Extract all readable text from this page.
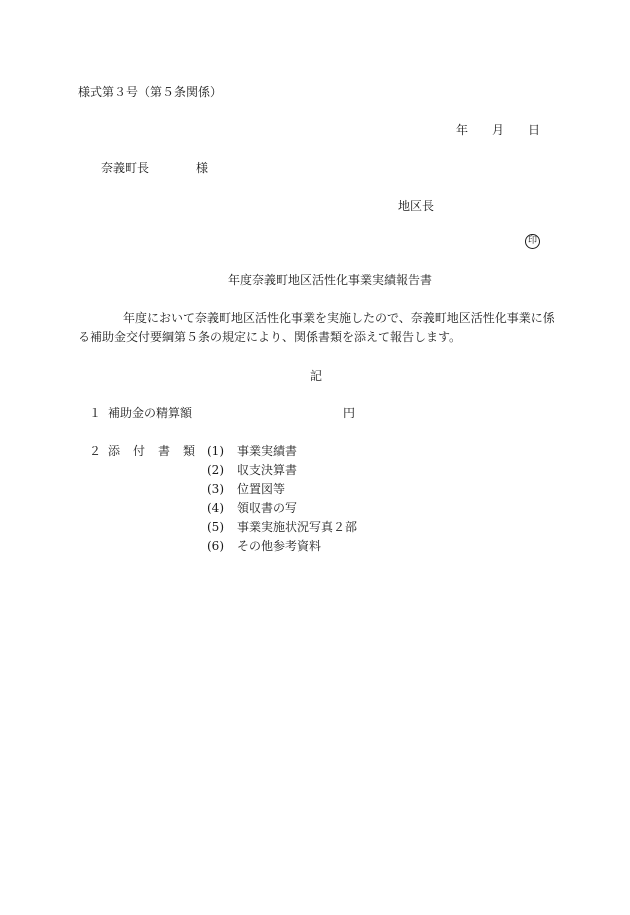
様式第３号（第５条関係）
年 月 日
奈義町長	様
地区長
印
年度奈義町地区活性化事業実績報告書

年度において奈義町地区活性化事業を実施したので、奈義町地区活性化事業に係

る補助金交付要綱第５条の規定により、関係書類を添えて報告します。

記
１ 補助金の精算額	円
２ 添 付 書 類 (1) 事業実績書
(2) 収支決算書
(3) 位置図等
(4) 領収書の写
(5) 事業実施状況写真２部
(6) その他参考資料
